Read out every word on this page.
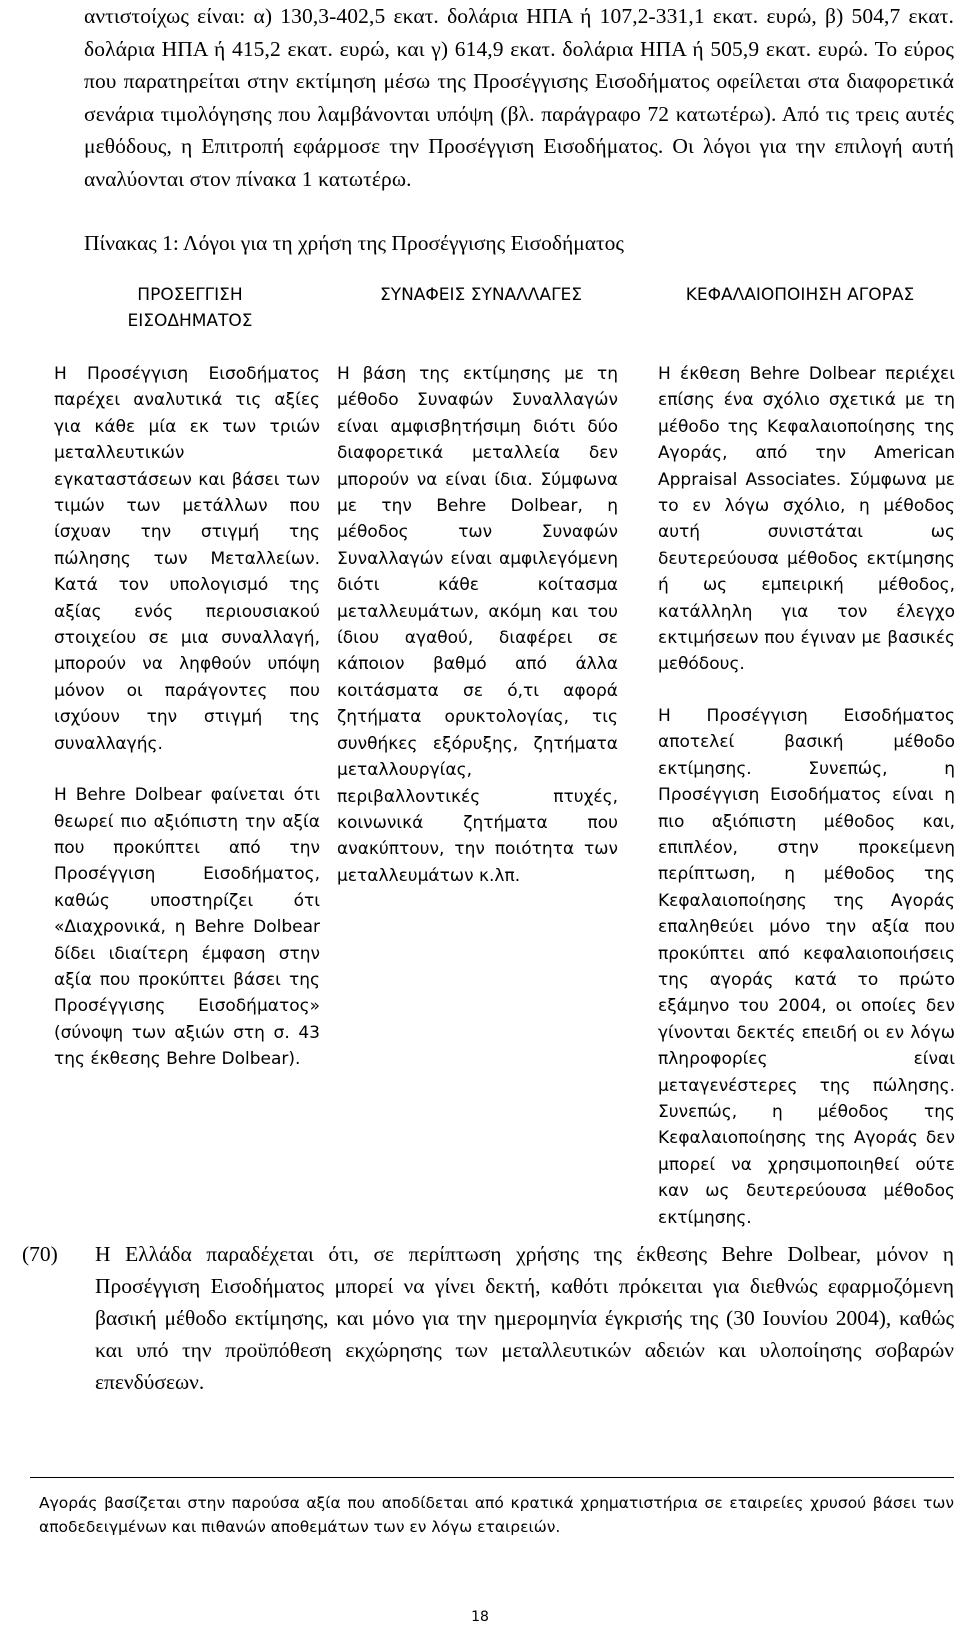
αντιστοίχως είναι: α) 130,3-402,5 εκατ. δολάρια ΗΠΑ ή 107,2-331,1 εκατ. ευρώ, β) 504,7 εκατ. δολάρια ΗΠΑ ή 415,2 εκατ. ευρώ, και γ) 614,9 εκατ. δολάρια ΗΠΑ ή 505,9 εκατ. ευρώ. Το εύρος που παρατηρείται στην εκτίμηση μέσω της Προσέγγισης Εισοδήματος οφείλεται στα διαφορετικά σενάρια τιμολόγησης που λαμβάνονται υπόψη (βλ. παράγραφο 72 κατωτέρω). Από τις τρεις αυτές μεθόδους, η Επιτροπή εφάρμοσε την Προσέγγιση Εισοδήματος. Οι λόγοι για την επιλογή αυτή αναλύονται στον πίνακα 1 κατωτέρω.
Πίνακας 1: Λόγοι για τη χρήση της Προσέγγισης Εισοδήματος
ΠΡΟΣΕΓΓΙΣΗ ΕΙΣΟΔΗΜΑΤΟΣ
ΣΥΝΑΦΕΙΣ ΣΥΝΑΛΛΑΓΕΣ	ΚΕΦΑΛΑΙΟΠΟΙΗΣΗ ΑΓΟΡΑΣ

Η Προσέγγιση Εισοδήματος παρέχει αναλυτικά τις αξίες για κάθε μία εκ των τριών μεταλλευτικών εγκαταστάσεων και βάσει των τιμών των μετάλλων που ίσχυαν την στιγμή της πώλησης των Μεταλλείων. Κατά τον υπολογισμό της αξίας ενός περιουσιακού στοιχείου σε μια συναλλαγή, μπορούν να ληφθούν υπόψη μόνον οι παράγοντες που ισχύουν την στιγμή της συναλλαγής.

Η Behre Dolbear φαίνεται ότι θεωρεί πιο αξιόπιστη την αξία που προκύπτει από την Προσέγγιση Εισοδήματος, καθώς υποστηρίζει ότι «Διαχρονικά, η Behre Dolbear δίδει ιδιαίτερη έμφαση στην αξία που προκύπτει βάσει της Προσέγγισης Εισοδήματος» (σύνοψη των αξιών στη σ. 43 της έκθεσης Behre Dolbear).

Η βάση της εκτίμησης με τη μέθοδο Συναφών Συναλλαγών είναι αμφισβητήσιμη διότι δύο διαφορετικά μεταλλεία δεν μπορούν να είναι ίδια. Σύμφωνα με την Behre Dolbear, η μέθοδος των Συναφών Συναλλαγών είναι αμφιλεγόμενη διότι κάθε κοίτασμα μεταλλευμάτων, ακόμη και του ίδιου αγαθού, διαφέρει σε κάποιον βαθμό από άλλα κοιτάσματα σε ό,τι αφορά ζητήματα ορυκτολογίας, τις συνθήκες εξόρυξης, ζητήματα μεταλλουργίας, περιβαλλοντικές πτυχές, κοινωνικά ζητήματα που ανακύπτουν, την ποιότητα των μεταλλευμάτων κ.λπ.

Η έκθεση Behre Dolbear περιέχει επίσης ένα σχόλιο σχετικά με τη μέθοδο της Κεφαλαιοποίησης της Αγοράς, από την American Appraisal Associates. Σύμφωνα με το εν λόγω σχόλιο, η μέθοδος αυτή συνιστάται ως δευτερεύουσα μέθοδος εκτίμησης ή ως εμπειρική μέθοδος, κατάλληλη για τον έλεγχο εκτιμήσεων που έγιναν με βασικές μεθόδους.

Η Προσέγγιση Εισοδήματος αποτελεί βασική μέθοδο εκτίμησης. Συνεπώς, η Προσέγγιση Εισοδήματος είναι η πιο αξιόπιστη μέθοδος και, επιπλέον, στην προκείμενη περίπτωση, η μέθοδος της Κεφαλαιοποίησης της Αγοράς επαληθεύει μόνο την αξία που προκύπτει από κεφαλαιοποιήσεις της αγοράς κατά το πρώτο εξάμηνο του 2004, οι οποίες δεν γίνονται δεκτές επειδή οι εν λόγω πληροφορίες είναι μεταγενέστερες της πώλησης. Συνεπώς, η μέθοδος της Κεφαλαιοποίησης της Αγοράς δεν μπορεί να χρησιμοποιηθεί ούτε καν ως δευτερεύουσα μέθοδος εκτίμησης.

(70) Η Ελλάδα παραδέχεται ότι, σε περίπτωση χρήσης της έκθεσης Behre Dolbear, μόνον η Προσέγγιση Εισοδήματος μπορεί να γίνει δεκτή, καθότι πρόκειται για διεθνώς εφαρμοζόμενη βασική μέθοδο εκτίμησης, και μόνο για την ημερομηνία έγκρισής της (30 Ιουνίου 2004), καθώς και υπό την προϋπόθεση εκχώρησης των μεταλλευτικών αδειών και υλοποίησης σοβαρών επενδύσεων.
Αγοράς βασίζεται στην παρούσα αξία που αποδίδεται από κρατικά χρηματιστήρια σε εταιρείες χρυσού βάσει των αποδεδειγμένων και πιθανών αποθεμάτων των εν λόγω εταιρειών.
18
